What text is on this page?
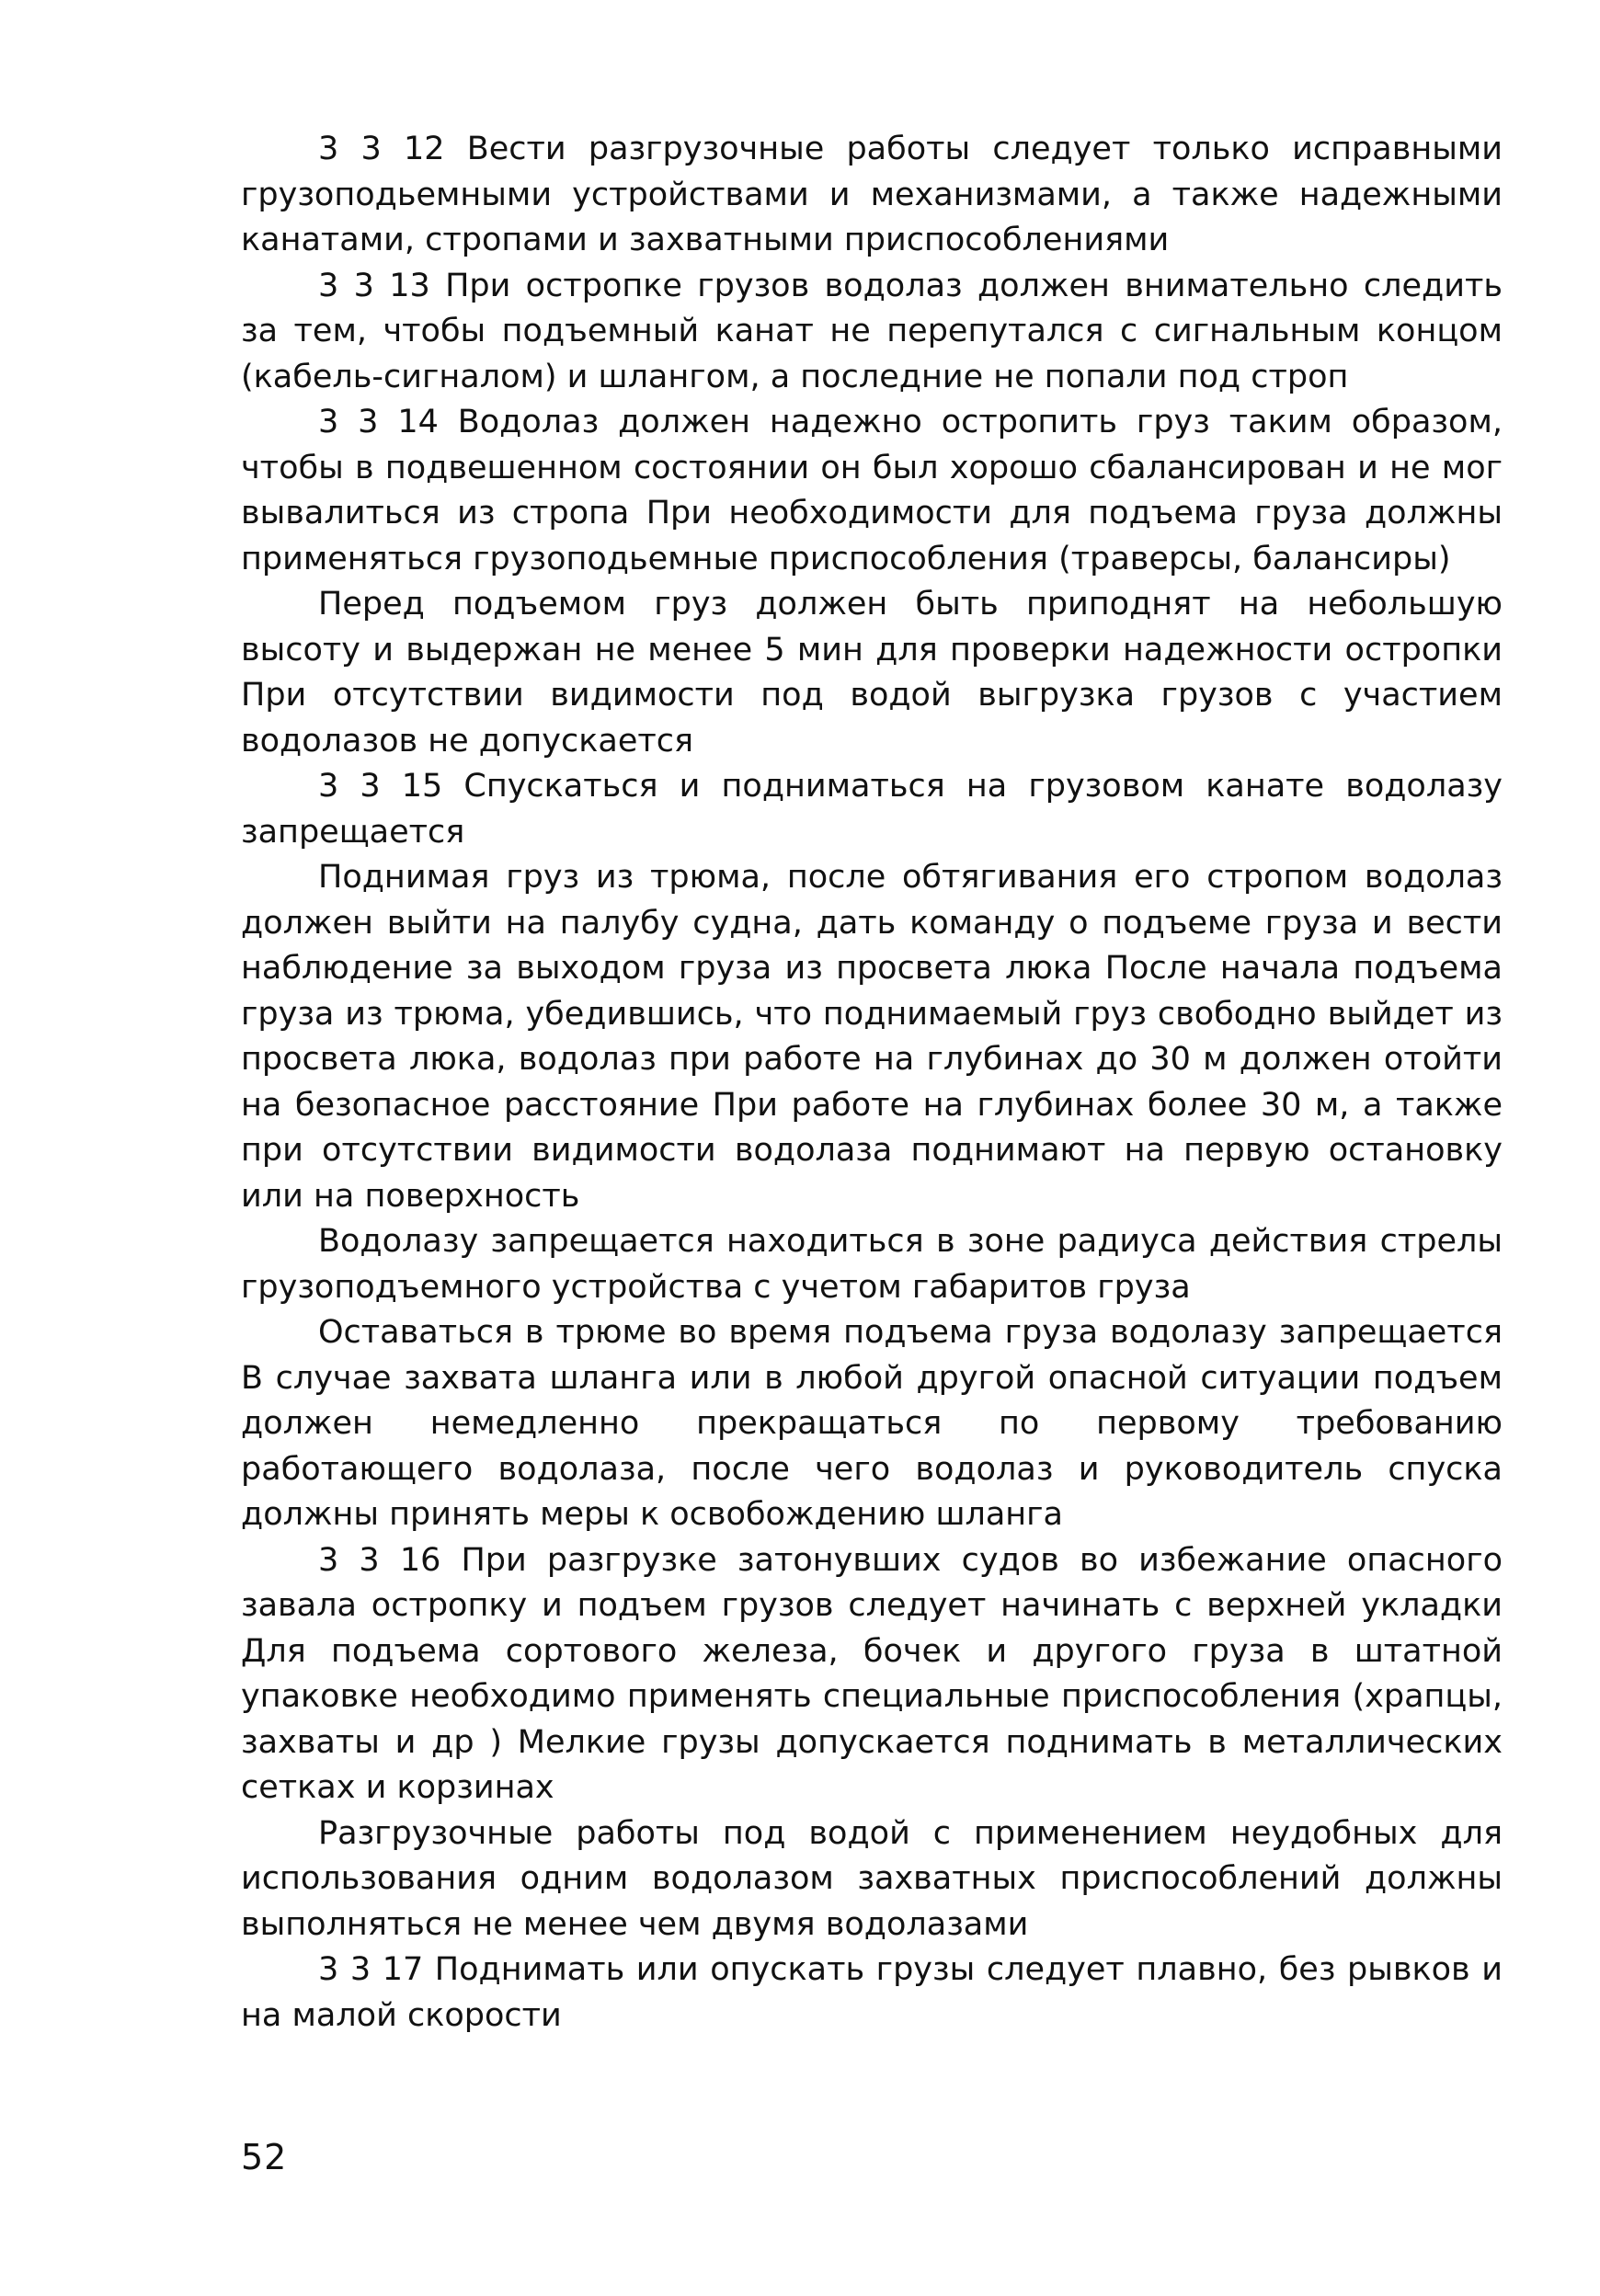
3 3 12 Вести разгрузочные работы следует только исправными грузоподьемными устройствами и механизмами, а также надежными канатами, стропами и захватными приспособлениями

3 3 13 При остропке грузов водолаз должен внимательно следить за тем, чтобы подъемный канат не перепутался с сигнальным концом (кабель-сигналом) и шлангом, а последние не попали под строп

3 3 14 Водолаз должен надежно остропить груз таким образом, чтобы в подвешенном состоянии он был хорошо сбалансирован и не мог вывалиться из стропа При необходимости для подъема груза должны применяться грузоподьемные приспособления (траверсы, балансиры)

Перед подъемом груз должен быть приподнят на небольшую высоту и выдержан не менее 5 мин для проверки надежности остропки При отсутствии видимости под водой выгрузка грузов с участием водолазов не допускается

3 3 15 Спускаться и подниматься на грузовом канате водолазу запрещается

Поднимая груз из трюма, после обтягивания его стропом водолаз должен выйти на палубу судна, дать команду о подъеме груза и вести наблюдение за выходом груза из просвета люка После начала подъема груза из трюма, убедившись, что поднимаемый груз свободно выйдет из просвета люка, водолаз при работе на глубинах до 30 м должен отойти на безопасное расстояние При работе на глубинах более 30 м, а также при отсутствии видимости водолаза поднимают на первую остановку или на поверхность

Водолазу запрещается находиться в зоне радиуса действия стрелы грузоподъемного устройства с учетом габаритов груза

Оставаться в трюме во время подъема груза водолазу запрещается В случае захвата шланга или в любой другой опасной ситуации подъем должен немедленно прекращаться по первому требованию работающего водолаза, после чего водолаз и руководитель спуска должны принять меры к освобождению шланга

3 3 16 При разгрузке затонувших судов во избежание опасного завала остропку и подъем грузов следует начинать с верхней укладки Для подъема сортового железа, бочек и другого груза в штатной упаковке необходимо применять специальные приспособления (храпцы, захваты и др ) Мелкие грузы допускается поднимать в металлических сетках и корзинах

Разгрузочные работы под водой с применением неудобных для использования одним водолазом захватных приспособлений должны выполняться не менее чем двумя водолазами

3 3 17 Поднимать или опускать грузы следует плавно, без рывков и на малой скорости

52
